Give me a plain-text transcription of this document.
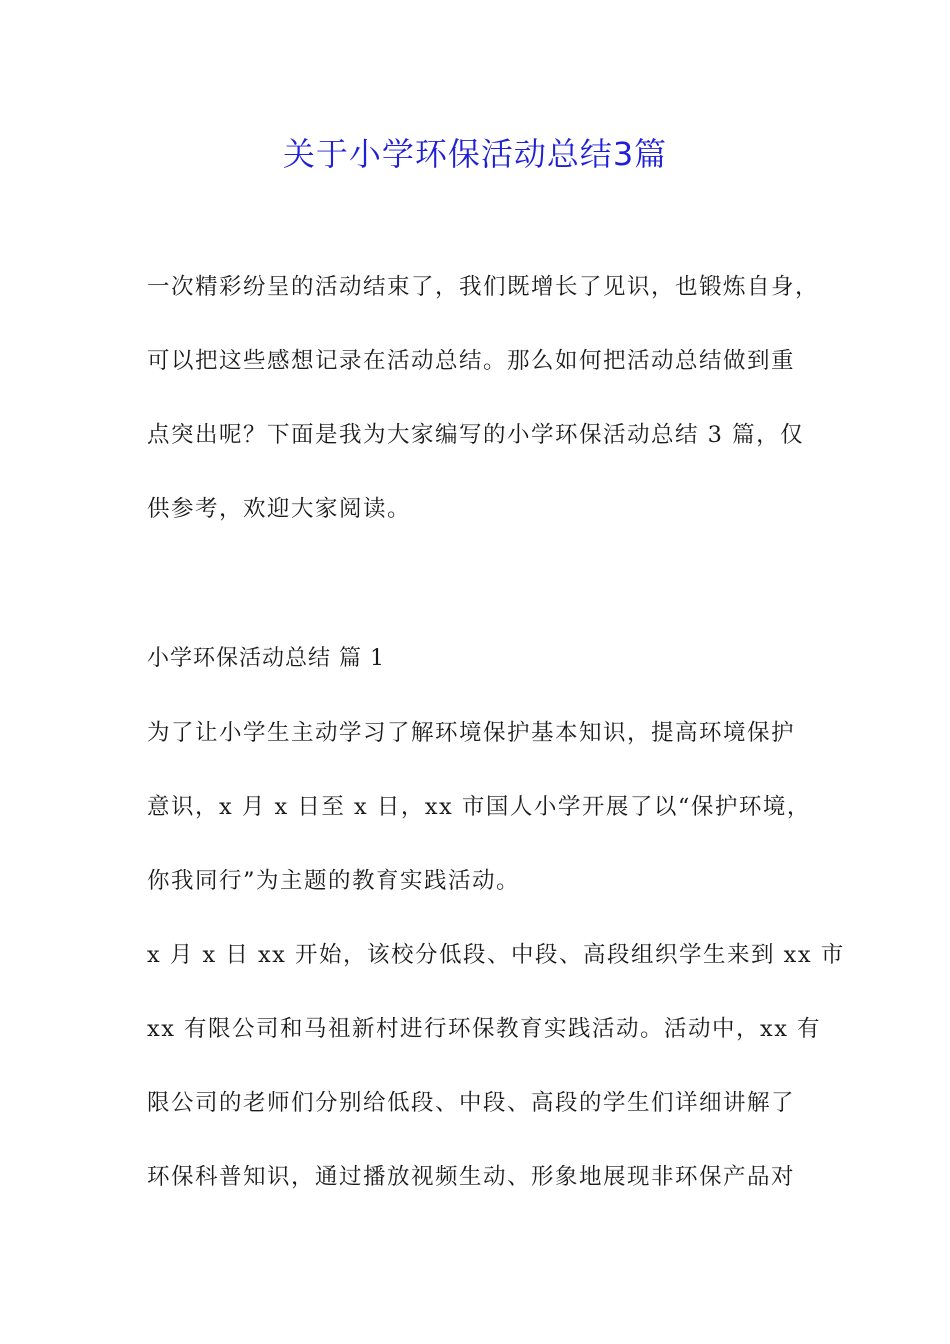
关于小学环保活动总结3篇
一次精彩纷呈的活动结束了，我们既增长了见识，也锻炼自身，
可以把这些感想记录在活动总结。那么如何把活动总结做到重
点突出呢？下面是我为大家编写的小学环保活动总结 3 篇，仅
供参考，欢迎大家阅读。
小学环保活动总结 篇 1
为了让小学生主动学习了解环境保护基本知识，提高环境保护
意识，x 月 x 日至 x 日，xx 市国人小学开展了以“保护环境，
你我同行”为主题的教育实践活动。
x 月 x 日 xx 开始，该校分低段、中段、高段组织学生来到 xx 市
xx 有限公司和马祖新村进行环保教育实践活动。活动中，xx 有
限公司的老师们分别给低段、中段、高段的学生们详细讲解了
环保科普知识，通过播放视频生动、形象地展现非环保产品对
